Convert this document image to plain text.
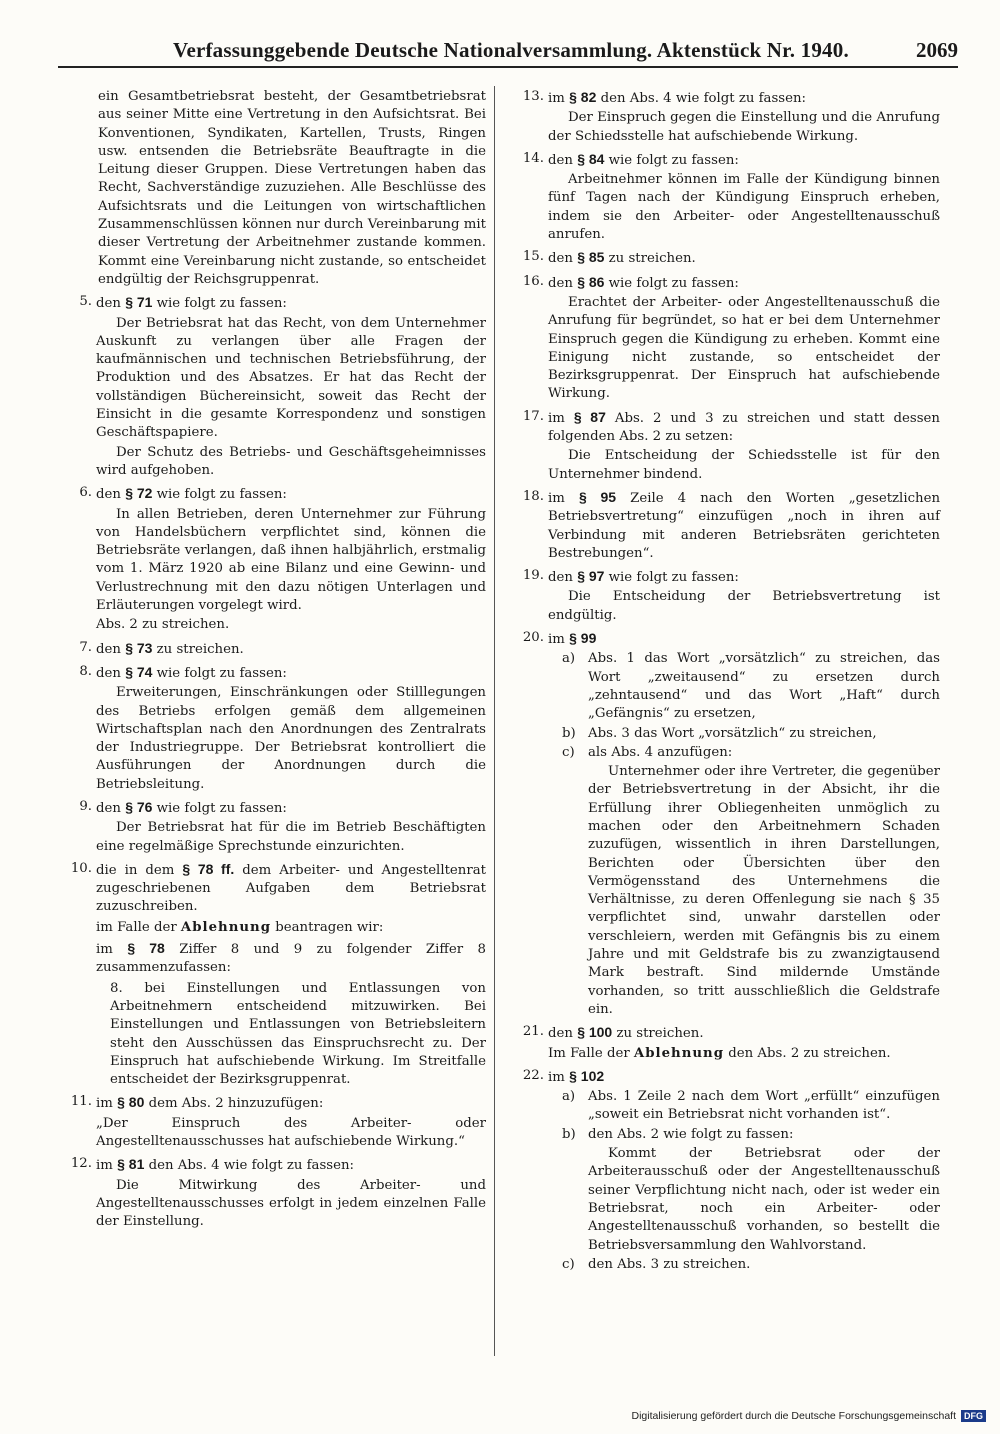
Verfassunggebende Deutsche Nationalversammlung. Aktenstück Nr. 1940.	2069

ein Gesamtbetriebsrat besteht, der Gesamtbetriebsrat aus seiner Mitte eine Vertretung in den Aufsichtsrat. Bei Konventionen, Syndikaten, Kartellen, Trusts, Ringen usw. entsenden die Betriebsräte Beauftragte in die Leitung dieser Gruppen. Diese Vertretungen haben das Recht, Sachverständige zuzuziehen. Alle Beschlüsse des Aufsichtsrats und die Leitungen von wirtschaftlichen Zusammenschlüssen können nur durch Vereinbarung mit dieser Vertretung der Arbeitnehmer zustande kommen. Kommt eine Vereinbarung nicht zustande, so entscheidet endgültig der Reichsgruppenrat.

5. den § 71 wie folgt zu fassen:

Der Betriebsrat hat das Recht, von dem Unternehmer Auskunft zu verlangen über alle Fragen der kaufmännischen und technischen Betriebsführung, der Produktion und des Absatzes. Er hat das Recht der vollständigen Büchereinsicht, soweit das Recht der Einsicht in die gesamte Korrespondenz und sonstigen Geschäftspapiere.

Der Schutz des Betriebs- und Geschäftsgeheimnisses wird aufgehoben.

6. den § 72 wie folgt zu fassen:

In allen Betrieben, deren Unternehmer zur Führung von Handelsbüchern verpflichtet sind, können die Betriebsräte verlangen, daß ihnen halbjährlich, erstmalig vom 1. März 1920 ab eine Bilanz und eine Gewinn- und Verlustrechnung mit den dazu nötigen Unterlagen und Erläuterungen vorgelegt wird.

Abs. 2 zu streichen.

7. den § 73 zu streichen.
8. den § 74 wie folgt zu fassen:

Erweiterungen, Einschränkungen oder Stilllegungen des Betriebs erfolgen gemäß dem allgemeinen Wirtschaftsplan nach den Anordnungen des Zentralrats der Industriegruppe. Der Betriebsrat kontrolliert die Ausführungen der Anordnungen durch die Betriebsleitung.

9. den § 76 wie folgt zu fassen:

Der Betriebsrat hat für die im Betrieb Beschäftigten eine regelmäßige Sprechstunde einzurichten.

10. die in dem § 78 ff. dem Arbeiter- und Angestelltenrat zugeschriebenen Aufgaben dem Betriebsrat zuzuschreiben.

im Falle der Ablehnung beantragen wir:

im § 78 Ziffer 8 und 9 zu folgender Ziffer 8 zusammenzufassen:

8. bei Einstellungen und Entlassungen von Arbeitnehmern entscheidend mitzuwirken. Bei Einstellungen und Entlassungen von Betriebsleitern steht den Ausschüssen das Einspruchsrecht zu. Der Einspruch hat aufschiebende Wirkung. Im Streitfalle entscheidet der Bezirksgruppenrat.

11. im § 80 dem Abs. 2 hinzuzufügen:

„Der Einspruch des Arbeiter- oder Angestelltenausschusses hat aufschiebende Wirkung.“

12. im § 81 den Abs. 4 wie folgt zu fassen:

Die Mitwirkung des Arbeiter- und Angestelltenausschusses erfolgt in jedem einzelnen Falle der Einstellung.

13. im § 82 den Abs. 4 wie folgt zu fassen:

Der Einspruch gegen die Einstellung und die Anrufung der Schiedsstelle hat aufschiebende Wirkung.

14. den § 84 wie folgt zu fassen:

Arbeitnehmer können im Falle der Kündigung binnen fünf Tagen nach der Kündigung Einspruch erheben, indem sie den Arbeiter- oder Angestelltenausschuß anrufen.

15. den § 85 zu streichen.
16. den § 86 wie folgt zu fassen:

Erachtet der Arbeiter- oder Angestelltenausschuß die Anrufung für begründet, so hat er bei dem Unternehmer Einspruch gegen die Kündigung zu erheben. Kommt eine Einigung nicht zustande, so entscheidet der Bezirksgruppenrat. Der Einspruch hat aufschiebende Wirkung.

17. im § 87 Abs. 2 und 3 zu streichen und statt dessen folgenden Abs. 2 zu setzen:

Die Entscheidung der Schiedsstelle ist für den Unternehmer bindend.

18. im § 95 Zeile 4 nach den Worten „gesetzlichen Betriebsvertretung“ einzufügen „noch in ihren auf Verbindung mit anderen Betriebsräten gerichteten Bestrebungen“.
19. den § 97 wie folgt zu fassen:

Die Entscheidung der Betriebsvertretung ist endgültig.

20. im § 99
a) Abs. 1 das Wort „vorsätzlich“ zu streichen, das Wort „zweitausend“ zu ersetzen durch „zehntausend“ und das Wort „Haft“ durch „Gefängnis“ zu ersetzen,
b) Abs. 3 das Wort „vorsätzlich“ zu streichen,
c)	als Abs. 4 anzufügen:

Unternehmer oder ihre Vertreter, die gegenüber der Betriebsvertretung in der Absicht, ihr die Erfüllung ihrer Obliegenheiten unmöglich zu machen oder den Arbeitnehmern Schaden zuzufügen, wissentlich in ihren Darstellungen, Berichten oder Übersichten über den Vermögensstand des Unternehmens die Verhältnisse, zu deren Offenlegung sie nach § 35 verpflichtet sind, unwahr darstellen oder verschleiern, werden mit Gefängnis bis zu einem Jahre und mit Geldstrafe bis zu zwanzigtausend Mark bestraft. Sind mildernde Umstände vorhanden, so tritt ausschließlich die Geldstrafe ein.

21. den § 100 zu streichen.

Im Falle der Ablehnung den Abs. 2 zu streichen.

22. im § 102
a) Abs. 1 Zeile 2 nach dem Wort „erfüllt“ einzufügen „soweit ein Betriebsrat nicht vorhanden ist“.
b) den Abs. 2 wie folgt zu fassen:

Kommt der Betriebsrat oder der Arbeiterausschuß oder der Angestelltenausschuß seiner Verpflichtung nicht nach, oder ist weder ein Betriebsrat, noch ein Arbeiter- oder Angestelltenausschuß vorhanden, so bestellt die Betriebsversammlung den Wahlvorstand.

c)	den Abs. 3 zu streichen.
Digitalisierung gefördert durch die Deutsche Forschungsgemeinschaft DFG
